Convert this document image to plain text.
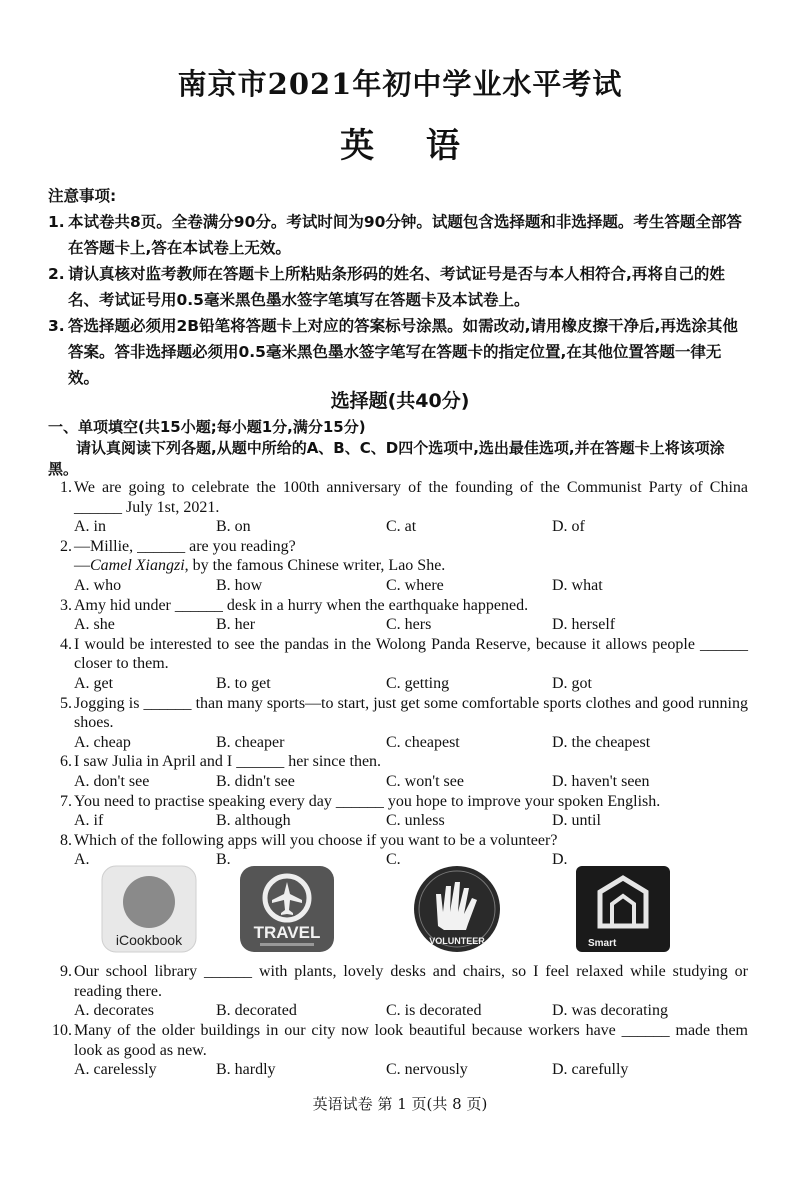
南京市2021年初中学业水平考试
英 语
注意事项:
1. 本试卷共8页。全卷满分90分。考试时间为90分钟。试题包含选择题和非选择题。考生答题全部答在答题卡上,答在本试卷上无效。
2. 请认真核对监考教师在答题卡上所粘贴条形码的姓名、考试证号是否与本人相符合,再将自己的姓名、考试证号用0.5毫米黑色墨水签字笔填写在答题卡及本试卷上。
3. 答选择题必须用2B铅笔将答题卡上对应的答案标号涂黑。如需改动,请用橡皮擦干净后,再选涂其他答案。答非选择题必须用0.5毫米黑色墨水签字笔写在答题卡的指定位置,在其他位置答题一律无效。
选择题(共40分)
一、单项填空(共15小题;每小题1分,满分15分)
请认真阅读下列各题,从题中所给的A、B、C、D四个选项中,选出最佳选项,并在答题卡上将该项涂黑。
1. We are going to celebrate the 100th anniversary of the founding of the Communist Party of China ______ July 1st, 2021.
A. in	B. on	C. at	D. of
2. —Millie, ______ are you reading?
—Camel Xiangzi, by the famous Chinese writer, Lao She.
A. who	B. how	C. where	D. what
3. Amy hid under ______ desk in a hurry when the earthquake happened.
A. she	B. her	C. hers	D. herself
4. I would be interested to see the pandas in the Wolong Panda Reserve, because it allows people ______ closer to them.
A. get	B. to get	C. getting	D. got
5. Jogging is ______ than many sports—to start, just get some comfortable sports clothes and good running shoes.
A. cheap	B. cheaper	C. cheapest	D. the cheapest
6. I saw Julia in April and I ______ her since then.
A. don't see	B. didn't see	C. won't see	D. haven't seen
7. You need to practise speaking every day ______ you hope to improve your spoken English.
A. if	B. although	C. unless	D. until
8. Which of the following apps will you choose if you want to be a volunteer?
A.	B.	C.	D.
iCookbook	TRAVEL	VOLUNTEER	Smart
9. Our school library ______ with plants, lovely desks and chairs, so I feel relaxed while studying or reading there.
A. decorates	B. decorated	C. is decorated	D. was decorating
10. Many of the older buildings in our city now look beautiful because workers have ______ made them look as good as new.
A. carelessly	B. hardly	C. nervously	D. carefully
英语试卷 第 1 页(共 8 页)
